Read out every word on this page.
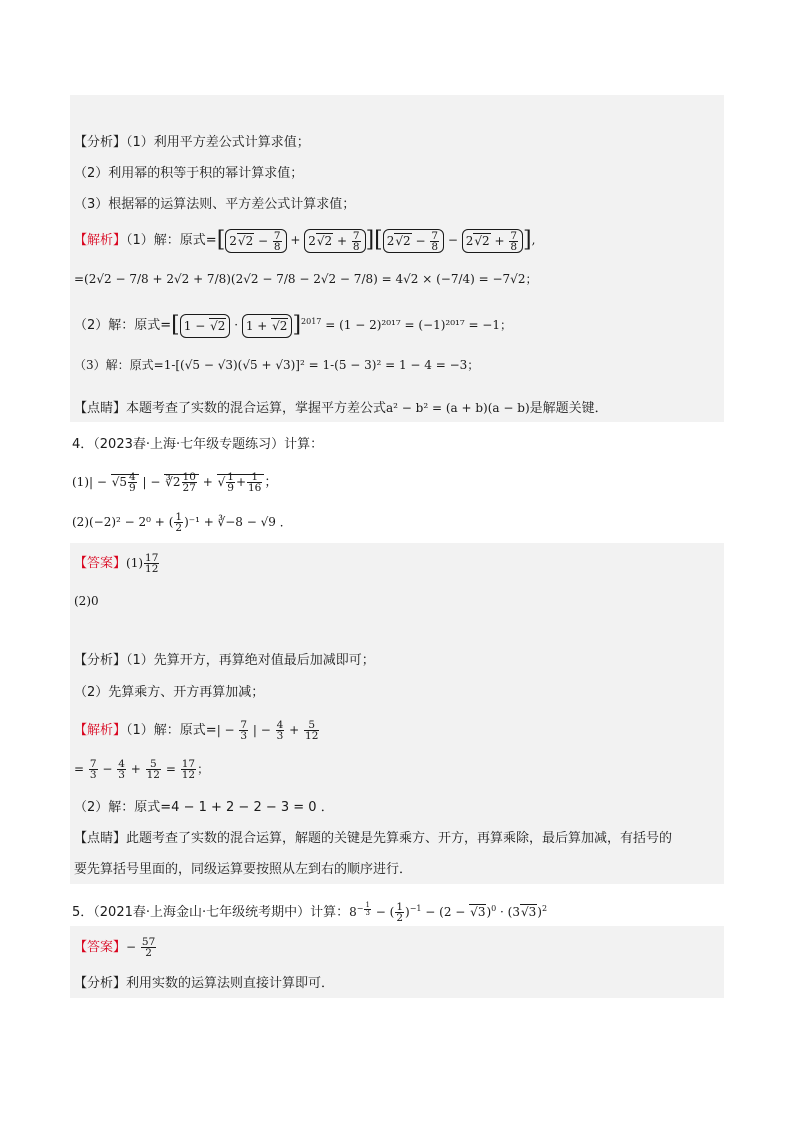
【分析】（1）利用平方差公式计算求值；
（2）利用幂的积等于积的幂计算求值；
（3）根据幂的运算法则、平方差公式计算求值；
【解析】（1）解：原式=[ $2√2 - \frac{7}{8} + 2√2 + \frac{7}{8}$ ][ $2√2 - \frac{7}{8} - 2√2 + \frac{7}{8}$ ],
=(2√2 − 7/8 + 2√2 + 7/8)(2√2 − 7/8 − 2√2 − 7/8) = 4√2 × (−7/4) = −7√2；
（2）解：原式=[ 1 − √2 · 1 + √2 ]$^{2017}$ = (1 − 2)²⁰¹⁷ = (−1)²⁰¹⁷ = −1；
（3）解：原式=1-[(√5 − √3)(√5 + √3)]² = 1-(5 − 3)² = 1 − 4 = −3；
【点睛】本题考查了实数的混合运算，掌握平方差公式a² − b² = (a + b)(a − b)是解题关键．
4．（2023春·上海·七年级专题练习）计算：
$(1)| - √5 \frac{4}{9}$ | − ∛2 $\frac{10}{27}$ + √ $\frac{1}{9} + \frac{1}{16}$ ；
(2)(−2)² − 2⁰ + ( $\frac{1}{2} )^{-1}$ + ∛−8 − √9 ．
【答案】$(1) \frac{17}{12}$
(2)0
【分析】（1）先算开方，再算绝对值最后加减即可；
（2）先算乘方、开方再算加减；
【解析】（1）解：原式=| − $\frac{7}{3}$ | − $\frac{4}{3} + \frac{5}{12}$
= $\frac{7}{3} - \frac{4}{3} + \frac{5}{12} = \frac{17}{12}$ ；
（2）解：原式=4 − 1 + 2 − 2 − 3 = 0 ．
【点睛】此题考查了实数的混合运算，解题的关键是先算乘方、开方，再算乘除，最后算加减，有括号的
要先算括号里面的，同级运算要按照从左到右的顺序进行．
5．（2021春·上海金山·七年级统考期中）计算：$8^{- \frac{1}{3}}$ − ( $\frac{1}{2} )^{-1} - (2 - √3)^0 \cdot (3√3)^2$
【答案】− $\frac{57}{2}$
【分析】利用实数的运算法则直接计算即可．
